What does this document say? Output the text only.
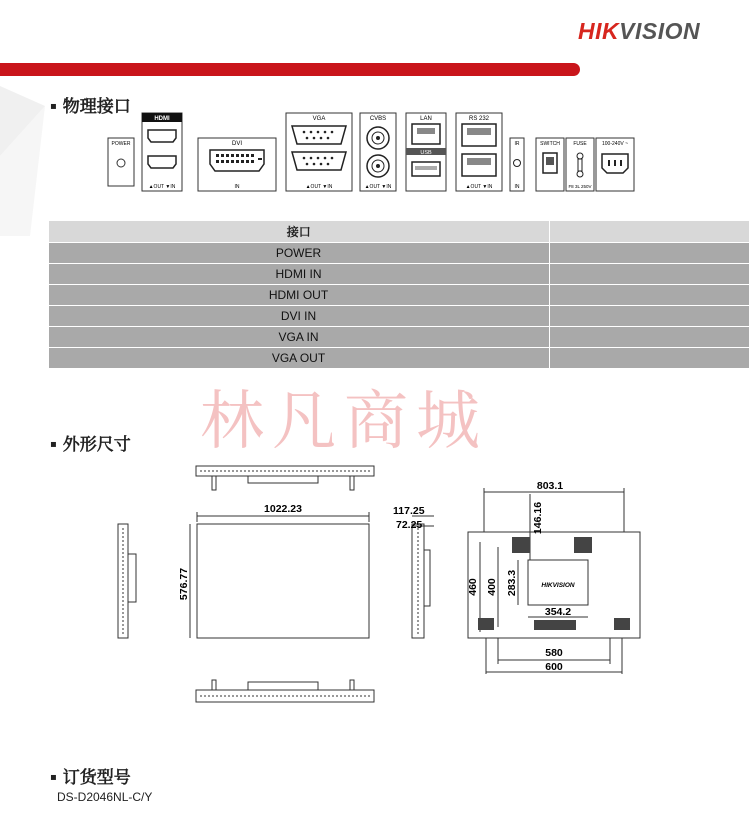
HIKVISION
▪ 物理接口
POWER
HDMI
▲OUT ▼IN
DVI
IN
VGA
▲OUT ▼IN
CVBS
▲OUT ▼IN
LAN
USB
RS 232
▲OUT ▼IN
IR
IN
SWITCH	FUSE
F8 3L 250V
100-240V ~
接口	
POWER	
HDMI IN	
HDMI OUT	
DVI IN	
VGA IN	
VGA OUT	
林凡商城
▪ 外形尺寸
1022.23
576.77
117.25
72.25
803.1
146.16
HIKVISION
460 400 283.3
354.2
580
600
▪ 订货型号
DS-D2046NL-C/Y
